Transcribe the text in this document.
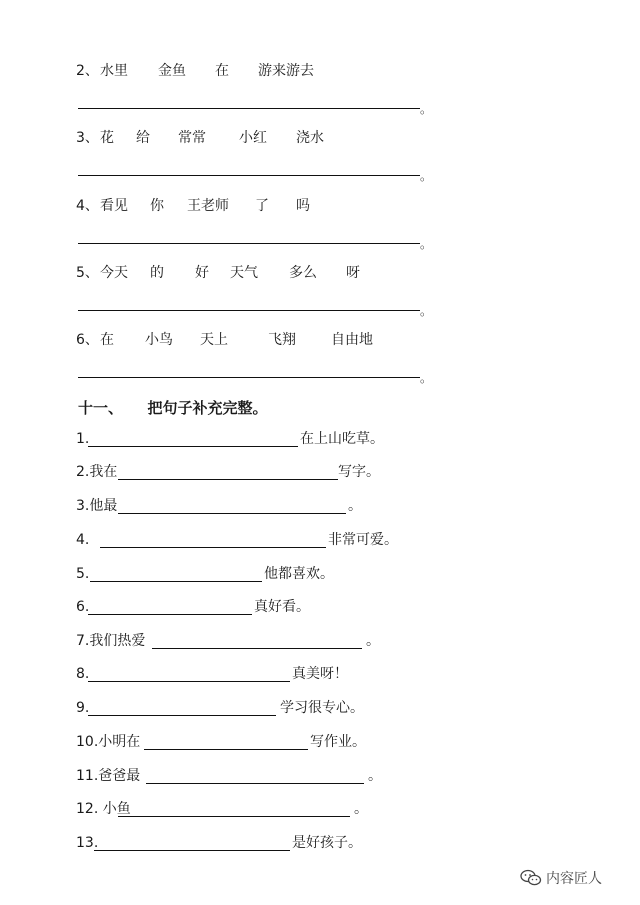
2、 水里 金鱼 在 游来游去
。
3、 花 给 常常 小红 浇水
。
4、 看见 你 王老师 了 吗
。
5、 今天 的 好 天气 多么 呀
。
6、 在 小鸟 天上	飞翔	自由地
。
十一、 把句子补充完整。
1.	在上山吃草。
2.我在	写字。
3.他最	。
4.	非常可爱。
5.	他都喜欢。
6.	真好看。
7.我们热爱	。
8.	真美呀！
9.	学习很专心。
10.小明在	写作业。
11.爸爸最	。
12. 小鱼	。
13.	是好孩子。
内容匠人
